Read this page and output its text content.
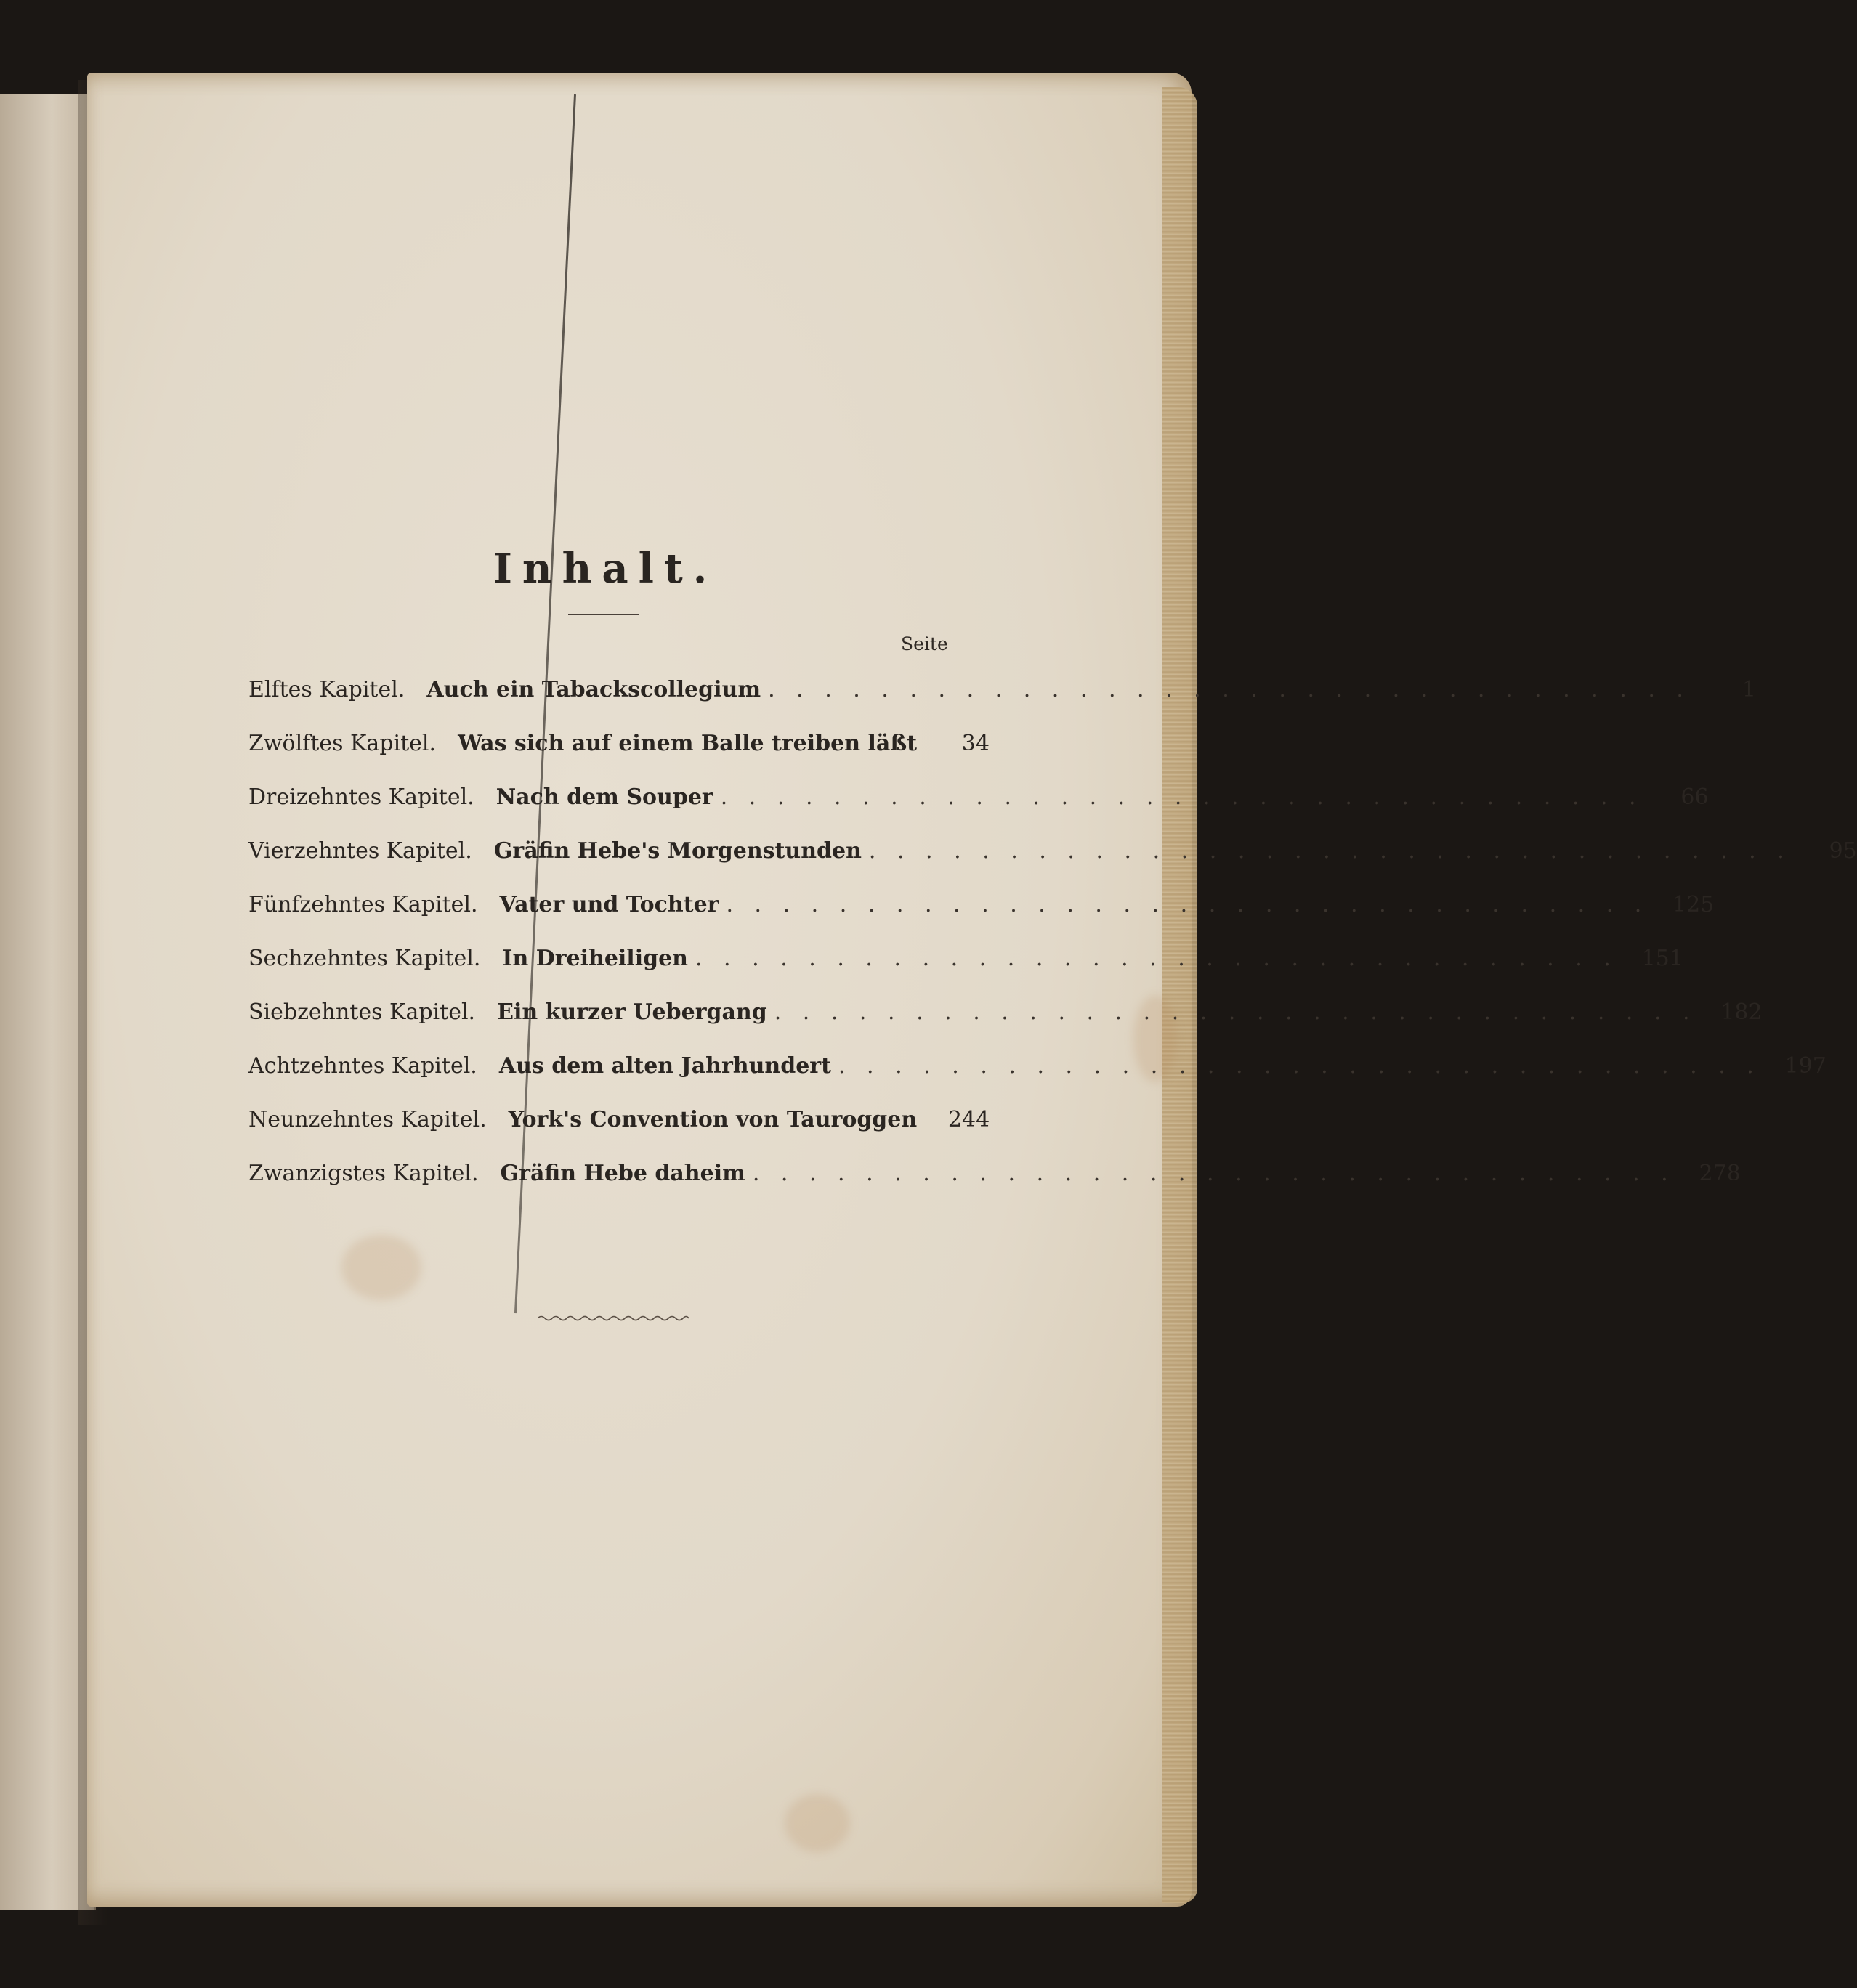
Inhalt.
Seite
Elftes Kapitel. Auch ein Tabackscollegium . . . . . . . . . . . . . . . . . . . . . . . . . . . . . . . . .	1
Zwölftes Kapitel. Was sich auf einem Balle treiben läßt	34
Dreizehntes Kapitel. Nach dem Souper . . . . . . . . . . . . . . . . . . . . . . . . . . . . . . . . .	66
Vierzehntes Kapitel. Gräfin Hebe's Morgenstunden . . . . . . . . . . . . . . . . . . . . . . . . . . . . . . . . .	95
Fünfzehntes Kapitel. Vater und Tochter . . . . . . . . . . . . . . . . . . . . . . . . . . . . . . . . .	125
Sechzehntes Kapitel. In Dreiheiligen . . . . . . . . . . . . . . . . . . . . . . . . . . . . . . . . .	151
Siebzehntes Kapitel. Ein kurzer Uebergang . . . . . . . . . . . . . . . . . . . . . . . . . . . . . . . . .	182
Achtzehntes Kapitel. Aus dem alten Jahrhundert . . . . . . . . . . . . . . . . . . . . . . . . . . . . . . . . .	197
Neunzehntes Kapitel. York's Convention von Tauroggen	244
Zwanzigstes Kapitel. Gräfin Hebe daheim . . . . . . . . . . . . . . . . . . . . . . . . . . . . . . . . .	278
